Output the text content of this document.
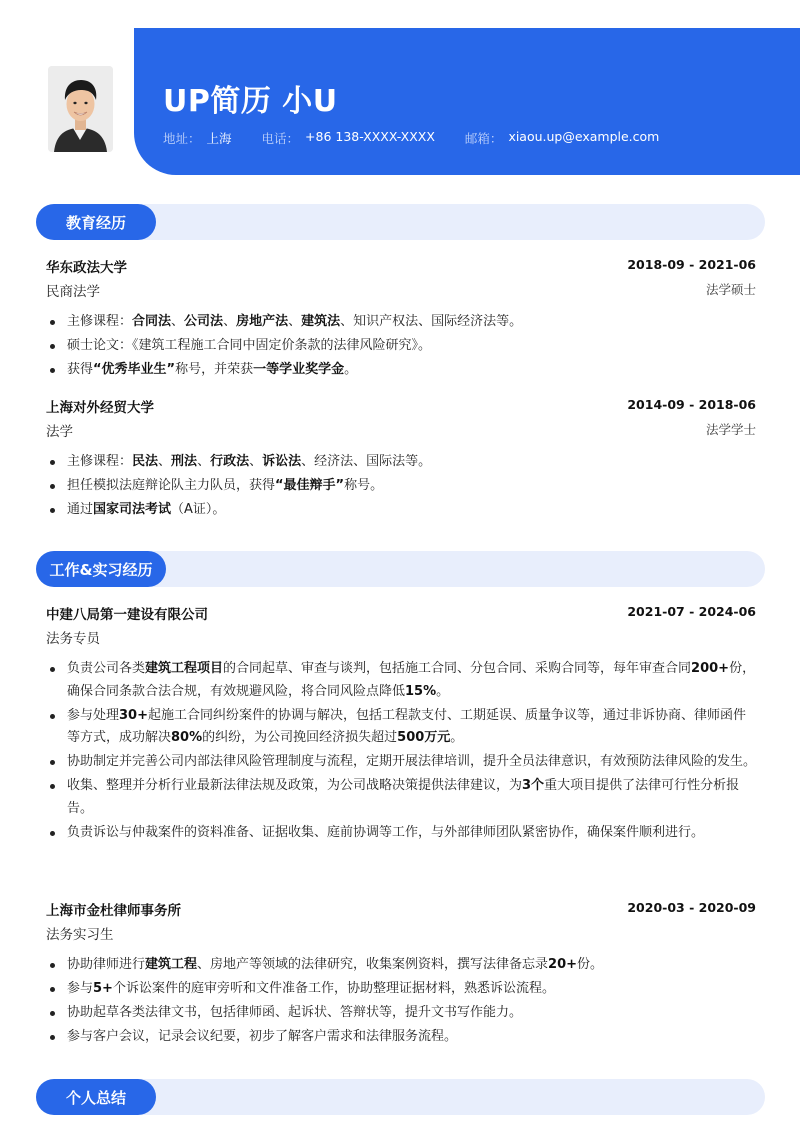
UP简历 小U
地址： 上海 电话： +86 138-XXXX-XXXX 邮箱： xiaou.up@example.com
教育经历
华东政法大学	2018-09 - 2021-06
民商法学	法学硕士
主修课程：合同法、公司法、房地产法、建筑法、知识产权法、国际经济法等。
硕士论文：《建筑工程施工合同中固定价条款的法律风险研究》。
获得“优秀毕业生”称号，并荣获一等学业奖学金。
上海对外经贸大学	2014-09 - 2018-06
法学	法学学士
主修课程：民法、刑法、行政法、诉讼法、经济法、国际法等。
担任模拟法庭辩论队主力队员，获得“最佳辩手”称号。
通过国家司法考试（A证）。
工作&实习经历
中建八局第一建设有限公司	2021-07 - 2024-06
法务专员
负责公司各类建筑工程项目的合同起草、审查与谈判，包括施工合同、分包合同、采购合同等，每年审查合同200+份，确保合同条款合法合规，有效规避风险，将合同风险点降低15%。
参与处理30+起施工合同纠纷案件的协调与解决，包括工程款支付、工期延误、质量争议等，通过非诉协商、律师函件等方式，成功解决80%的纠纷，为公司挽回经济损失超过500万元。
协助制定并完善公司内部法律风险管理制度与流程，定期开展法律培训，提升全员法律意识，有效预防法律风险的发生。
收集、整理并分析行业最新法律法规及政策，为公司战略决策提供法律建议，为3个重大项目提供了法律可行性分析报告。
负责诉讼与仲裁案件的资料准备、证据收集、庭前协调等工作，与外部律师团队紧密协作，确保案件顺利进行。
上海市金杜律师事务所	2020-03 - 2020-09
法务实习生
协助律师进行建筑工程、房地产等领域的法律研究，收集案例资料，撰写法律备忘录20+份。
参与5+个诉讼案件的庭审旁听和文件准备工作，协助整理证据材料，熟悉诉讼流程。
协助起草各类法律文书，包括律师函、起诉状、答辩状等，提升文书写作能力。
参与客户会议，记录会议纪要，初步了解客户需求和法律服务流程。
个人总结
